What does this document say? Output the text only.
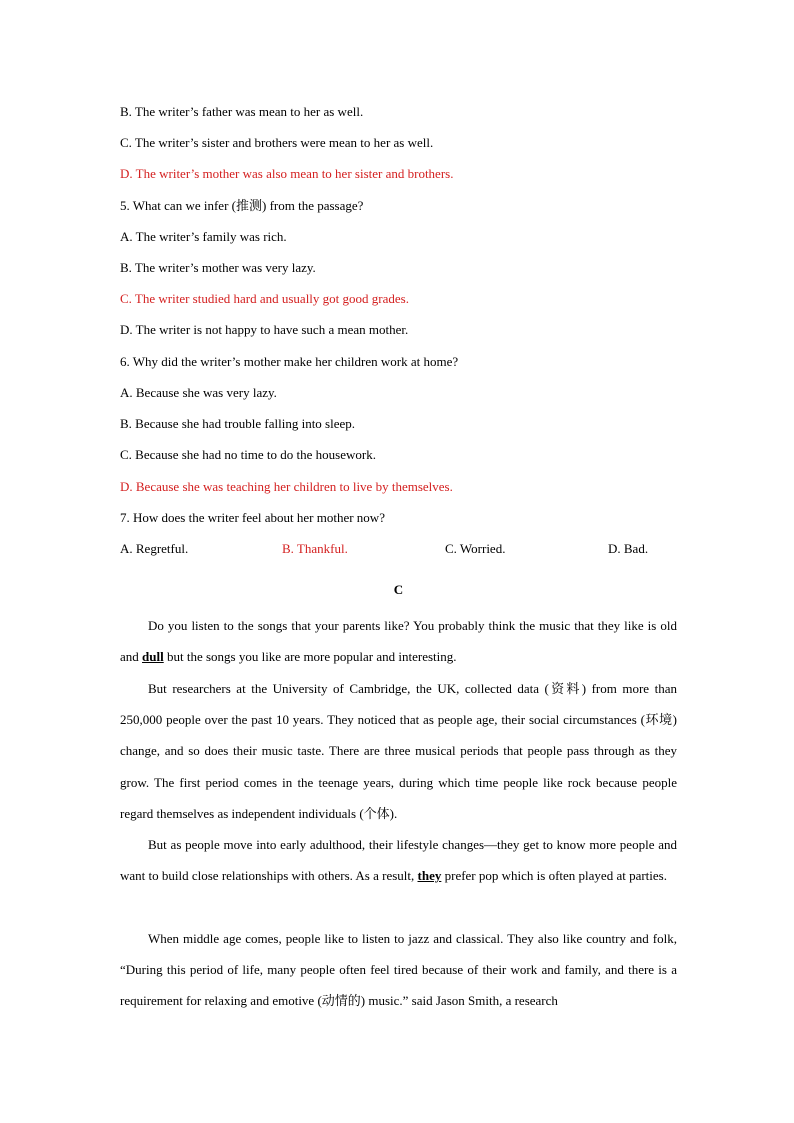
B. The writer’s father was mean to her as well.
C. The writer’s sister and brothers were mean to her as well.
D. The writer’s mother was also mean to her sister and brothers.
5. What can we infer (推测) from the passage?
A. The writer’s family was rich.
B. The writer’s mother was very lazy.
C. The writer studied hard and usually got good grades.
D. The writer is not happy to have such a mean mother.
6. Why did the writer’s mother make her children work at home?
A. Because she was very lazy.
B. Because she had trouble falling into sleep.
C. Because she had no time to do the housework.
D. Because she was teaching her children to live by themselves.
7. How does the writer feel about her mother now?
A. Regretful.	B. Thankful.	C. Worried.	D. Bad.
C
Do you listen to the songs that your parents like? You probably think the music that they like is old and dull but the songs you like are more popular and interesting.
But researchers at the University of Cambridge, the UK, collected data (资料) from more than 250,000 people over the past 10 years. They noticed that as people age, their social circumstances (环境) change, and so does their music taste. There are three musical periods that people pass through as they grow. The first period comes in the teenage years, during which time people like rock because people regard themselves as independent individuals (个体).
But as people move into early adulthood, their lifestyle changes—they get to know more people and want to build close relationships with others. As a result, they prefer pop which is often played at parties.
When middle age comes, people like to listen to jazz and classical. They also like country and folk, “During this period of life, many people often feel tired because of their work and family, and there is a requirement for relaxing and emotive (动情的) music.” said Jason Smith, a research
